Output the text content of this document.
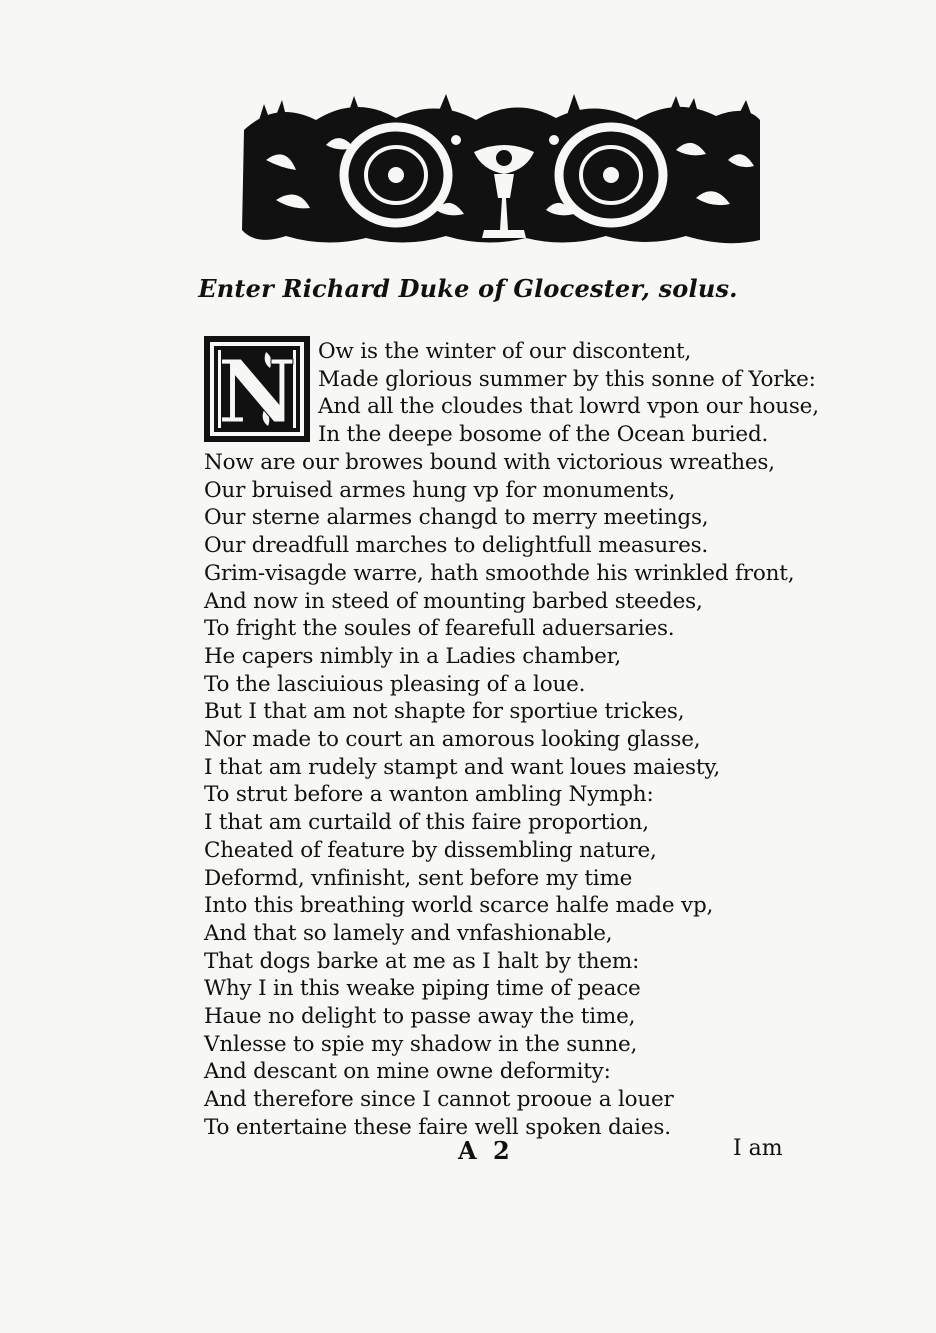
Enter Richard Duke of Glocester, solus.
N Ow is the winter of our discontent,
Made glorious summer by this sonne of Yorke:
And all the cloudes that lowrd vpon our house,
In the deepe bosome of the Ocean buried.
Now are our browes bound with victorious wreathes,
Our bruised armes hung vp for monuments,
Our sterne alarmes changd to merry meetings,
Our dreadfull marches to delightfull measures.
Grim-visagde warre, hath smoothde his wrinkled front,
And now in steed of mounting barbed steedes,
To fright the soules of fearefull aduersaries.
He capers nimbly in a Ladies chamber,
To the lasciuious pleasing of a loue.
But I that am not shapte for sportiue trickes,
Nor made to court an amorous looking glasse,
I that am rudely stampt and want loues maiesty,
To strut before a wanton ambling Nymph:
I that am curtaild of this faire proportion,
Cheated of feature by dissembling nature,
Deformd, vnfinisht, sent before my time
Into this breathing world scarce halfe made vp,
And that so lamely and vnfashionable,
That dogs barke at me as I halt by them:
Why I in this weake piping time of peace
Haue no delight to passe away the time,
Vnlesse to spie my shadow in the sunne,
And descant on mine owne deformity:
And therefore since I cannot prooue a louer
To entertaine these faire well spoken daies.
A 2	I am
